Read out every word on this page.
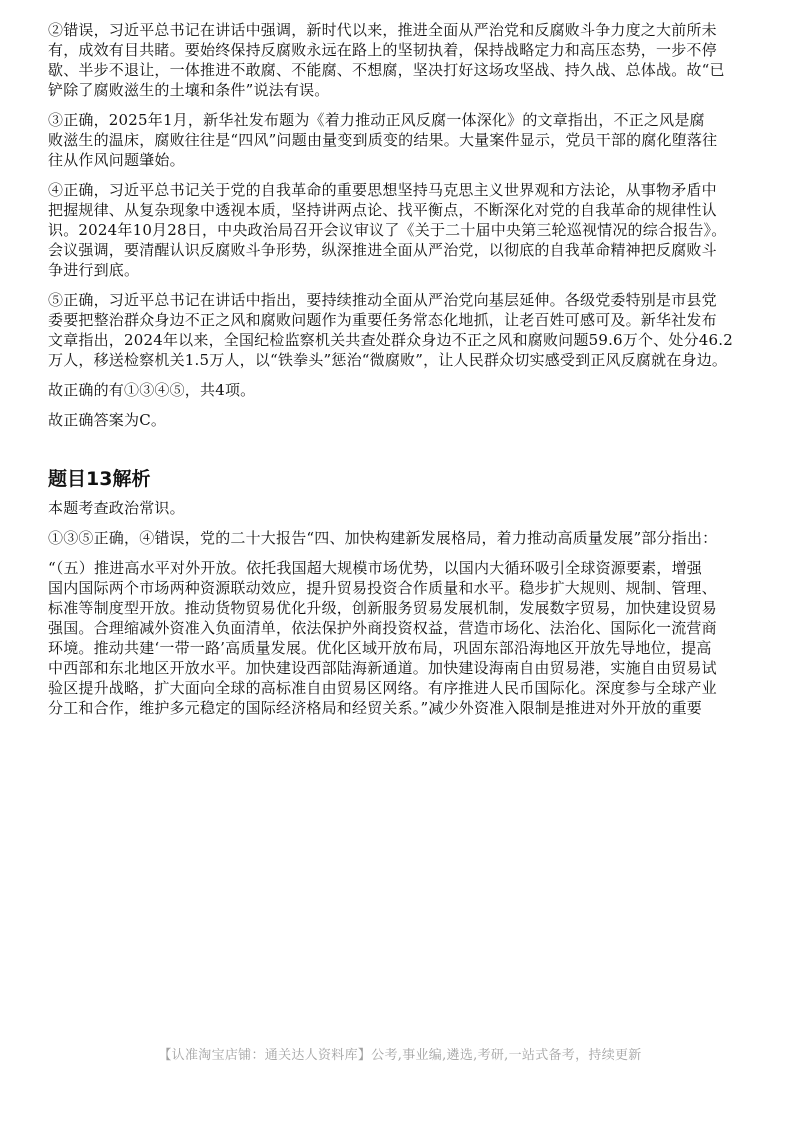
②错误，习近平总书记在讲话中强调，新时代以来，推进全面从严治党和反腐败斗争力度之大前所未
有，成效有目共睹。要始终保持反腐败永远在路上的坚韧执着，保持战略定力和高压态势，一步不停
歇、半步不退让，一体推进不敢腐、不能腐、不想腐，坚决打好这场攻坚战、持久战、总体战。故“已
铲除了腐败滋生的土壤和条件”说法有误。
③正确，2025年1月，新华社发布题为《着力推动正风反腐一体深化》的文章指出，不正之风是腐
败滋生的温床，腐败往往是“四风”问题由量变到质变的结果。大量案件显示，党员干部的腐化堕落往
往从作风问题肇始。
④正确，习近平总书记关于党的自我革命的重要思想坚持马克思主义世界观和方法论，从事物矛盾中
把握规律、从复杂现象中透视本质，坚持讲两点论、找平衡点，不断深化对党的自我革命的规律性认
识。2024年10月28日，中央政治局召开会议审议了《关于二十届中央第三轮巡视情况的综合报告》。
会议强调，要清醒认识反腐败斗争形势，纵深推进全面从严治党，以彻底的自我革命精神把反腐败斗
争进行到底。
⑤正确，习近平总书记在讲话中指出，要持续推动全面从严治党向基层延伸。各级党委特别是市县党
委要把整治群众身边不正之风和腐败问题作为重要任务常态化地抓，让老百姓可感可及。新华社发布
文章指出，2024年以来，全国纪检监察机关共查处群众身边不正之风和腐败问题59.6万个、处分46.2
万人，移送检察机关1.5万人，以“铁拳头”惩治“微腐败”，让人民群众切实感受到正风反腐就在身边。
故正确的有①③④⑤，共4项。
故正确答案为C。
题目13解析
本题考查政治常识。
①③⑤正确，④错误，党的二十大报告“四、加快构建新发展格局，着力推动高质量发展”部分指出：
“（五）推进高水平对外开放。依托我国超大规模市场优势，以国内大循环吸引全球资源要素，增强
国内国际两个市场两种资源联动效应，提升贸易投资合作质量和水平。稳步扩大规则、规制、管理、
标准等制度型开放。推动货物贸易优化升级，创新服务贸易发展机制，发展数字贸易，加快建设贸易
强国。合理缩减外资准入负面清单，依法保护外商投资权益，营造市场化、法治化、国际化一流营商
环境。推动共建‘一带一路’高质量发展。优化区域开放布局，巩固东部沿海地区开放先导地位，提高
中西部和东北地区开放水平。加快建设西部陆海新通道。加快建设海南自由贸易港，实施自由贸易试
验区提升战略，扩大面向全球的高标准自由贸易区网络。有序推进人民币国际化。深度参与全球产业
分工和合作，维护多元稳定的国际经济格局和经贸关系。”减少外资准入限制是推进对外开放的重要
【认准淘宝店铺：通关达人资料库】公考,事业编,遴选,考研,一站式备考，持续更新
